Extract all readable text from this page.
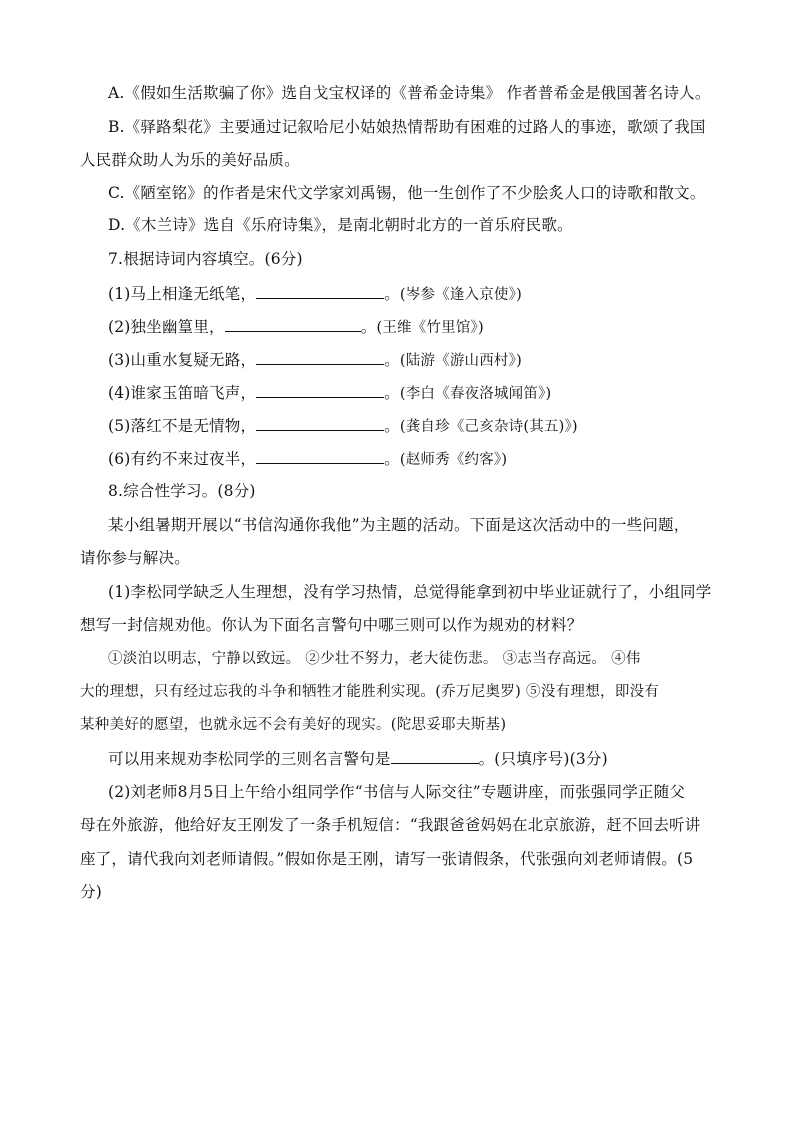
A.《假如生活欺骗了你》选自戈宝权译的《普希金诗集》 作者普希金是俄国著名诗人。
B.《驿路梨花》主要通过记叙哈尼小姑娘热情帮助有困难的过路人的事迹，歌颂了我国
人民群众助人为乐的美好品质。
C.《陋室铭》的作者是宋代文学家刘禹锡，他一生创作了不少脍炙人口的诗歌和散文。
D.《木兰诗》选自《乐府诗集》，是南北朝时北方的一首乐府民歌。
7.根据诗词内容填空。(6分)
(1)马上相逢无纸笔，	。(岑参《逢入京使》)
(2)独坐幽篁里，	。(王维《竹里馆》)
(3)山重水复疑无路，	。(陆游《游山西村》)
(4)谁家玉笛暗飞声，	。(李白《春夜洛城闻笛》)
(5)落红不是无情物，	。(龚自珍《己亥杂诗(其五)》)
(6)有约不来过夜半，	。(赵师秀《约客》)
8.综合性学习。(8分)
某小组暑期开展以“书信沟通你我他”为主题的活动。下面是这次活动中的一些问题，
请你参与解决。
(1)李松同学缺乏人生理想，没有学习热情，总觉得能拿到初中毕业证就行了，小组同学
想写一封信规劝他。你认为下面名言警句中哪三则可以作为规劝的材料？
①淡泊以明志，宁静以致远。 ②少壮不努力，老大徒伤悲。 ③志当存高远。 ④伟
大的理想，只有经过忘我的斗争和牺牲才能胜利实现。(乔万尼奥罗) ⑤没有理想，即没有
某种美好的愿望，也就永远不会有美好的现实。(陀思妥耶夫斯基)
可以用来规劝李松同学的三则名言警句是	。(只填序号)(3分)
(2)刘老师8月5日上午给小组同学作“书信与人际交往”专题讲座，而张强同学正随父
母在外旅游，他给好友王刚发了一条手机短信：“我跟爸爸妈妈在北京旅游，赶不回去听讲
座了，请代我向刘老师请假。”假如你是王刚，请写一张请假条，代张强向刘老师请假。(5
分)
